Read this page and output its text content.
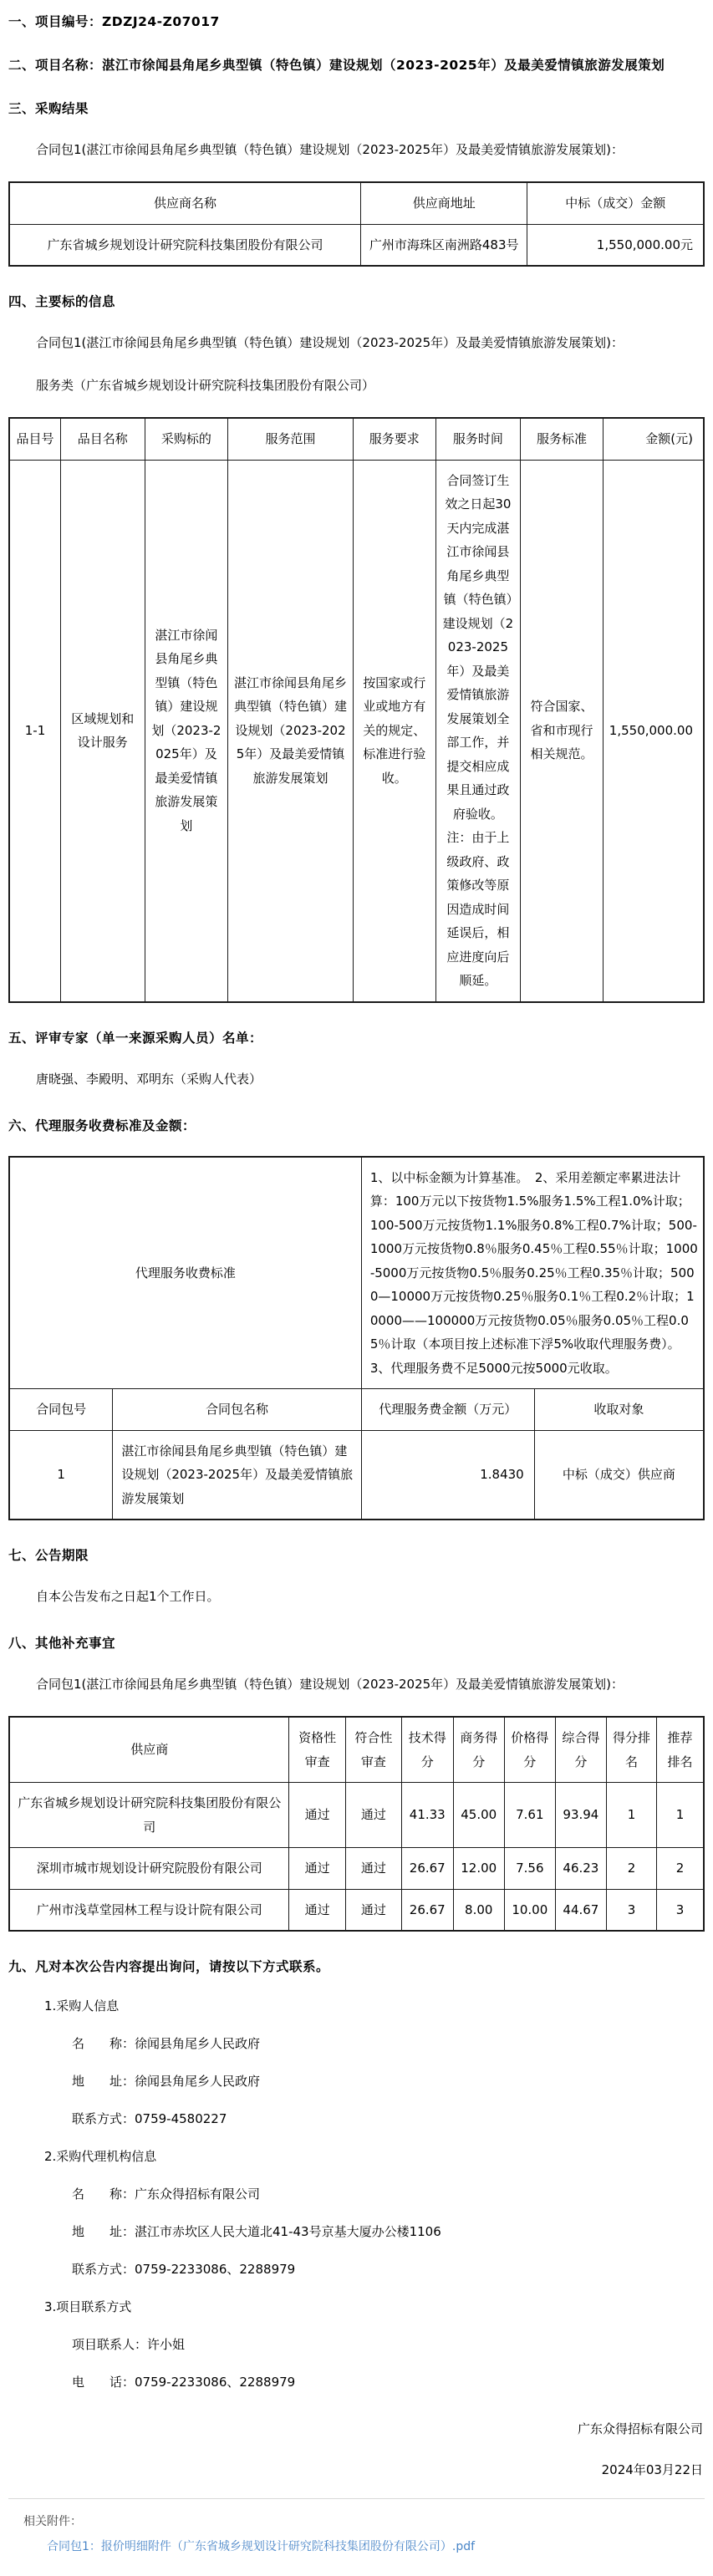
一、项目编号：ZDZJ24-Z07017
二、项目名称：湛江市徐闻县角尾乡典型镇（特色镇）建设规划（2023-2025年）及最美爱情镇旅游发展策划
三、采购结果
合同包1(湛江市徐闻县角尾乡典型镇（特色镇）建设规划（2023-2025年）及最美爱情镇旅游发展策划)：
供应商名称	供应商地址	中标（成交）金额
广东省城乡规划设计研究院科技集团股份有限公司	广州市海珠区南洲路483号	1,550,000.00元
四、主要标的信息
合同包1(湛江市徐闻县角尾乡典型镇（特色镇）建设规划（2023-2025年）及最美爱情镇旅游发展策划)：
服务类（广东省城乡规划设计研究院科技集团股份有限公司）
品目号	品目名称	采购标的	服务范围	服务要求	服务时间	服务标准	金额(元)
1-1	区域规划和设计服务	湛江市徐闻县角尾乡典型镇（特色镇）建设规划（2023-2025年）及最美爱情镇旅游发展策划	湛江市徐闻县角尾乡典型镇（特色镇）建设规划（2023-2025年）及最美爱情镇旅游发展策划	按国家或行业或地方有关的规定、标准进行验收。	合同签订生效之日起30天内完成湛江市徐闻县角尾乡典型镇（特色镇）建设规划（2023-2025年）及最美爱情镇旅游发展策划全部工作，并提交相应成果且通过政府验收。 注：由于上级政府、政策修改等原因造成时间延误后，相应进度向后顺延。	符合国家、省和市现行相关规范。	1,550,000.00
五、评审专家（单一来源采购人员）名单：
唐晓强、李殿明、邓明东（采购人代表）
六、代理服务收费标准及金额：
代理服务收费标准		1、以中标金额为计算基准。　2、采用差额定率累进法计算：100万元以下按货物1.5%服务1.5%工程1.0%计取；100-500万元按货物1.1%服务0.8%工程0.7%计取；500-1000万元按货物0.8％服务0.45％工程0.55％计取；1000-5000万元按货物0.5％服务0.25％工程0.35％计取；5000—10000万元按货物0.25％服务0.1％工程0.2％计取；10000——100000万元按货物0.05％服务0.05％工程0.05％计取（本项目按上述标准下浮5%收取代理服务费）。3、代理服务费不足5000元按5000元收取。	
合同包号	合同包名称	代理服务费金额（万元）	收取对象
1	湛江市徐闻县角尾乡典型镇（特色镇）建设规划（2023-2025年）及最美爱情镇旅游发展策划	1.8430	中标（成交）供应商
七、公告期限
自本公告发布之日起1个工作日。
八、其他补充事宜
合同包1(湛江市徐闻县角尾乡典型镇（特色镇）建设规划（2023-2025年）及最美爱情镇旅游发展策划)：
供应商	资格性审查	符合性审查	技术得分	商务得分	价格得分	综合得分	得分排名	推荐排名
广东省城乡规划设计研究院科技集团股份有限公司	通过	通过	41.33	45.00	7.61	93.94	1	1
深圳市城市规划设计研究院股份有限公司	通过	通过	26.67	12.00	7.56	46.23	2	2
广州市浅草堂园林工程与设计院有限公司	通过	通过	26.67	8.00	10.00	44.67	3	3
九、凡对本次公告内容提出询问，请按以下方式联系。
1.采购人信息
名　　称：徐闻县角尾乡人民政府
地　　址：徐闻县角尾乡人民政府
联系方式：0759-4580227
2.采购代理机构信息
名　　称：广东众得招标有限公司
地　　址：湛江市赤坎区人民大道北41-43号京基大厦办公楼1106
联系方式：0759-2233086、2288979
3.项目联系方式
项目联系人：许小姐
电　　话：0759-2233086、2288979
广东众得招标有限公司
2024年03月22日
相关附件：
合同包1：报价明细附件（广东省城乡规划设计研究院科技集团股份有限公司）.pdf
